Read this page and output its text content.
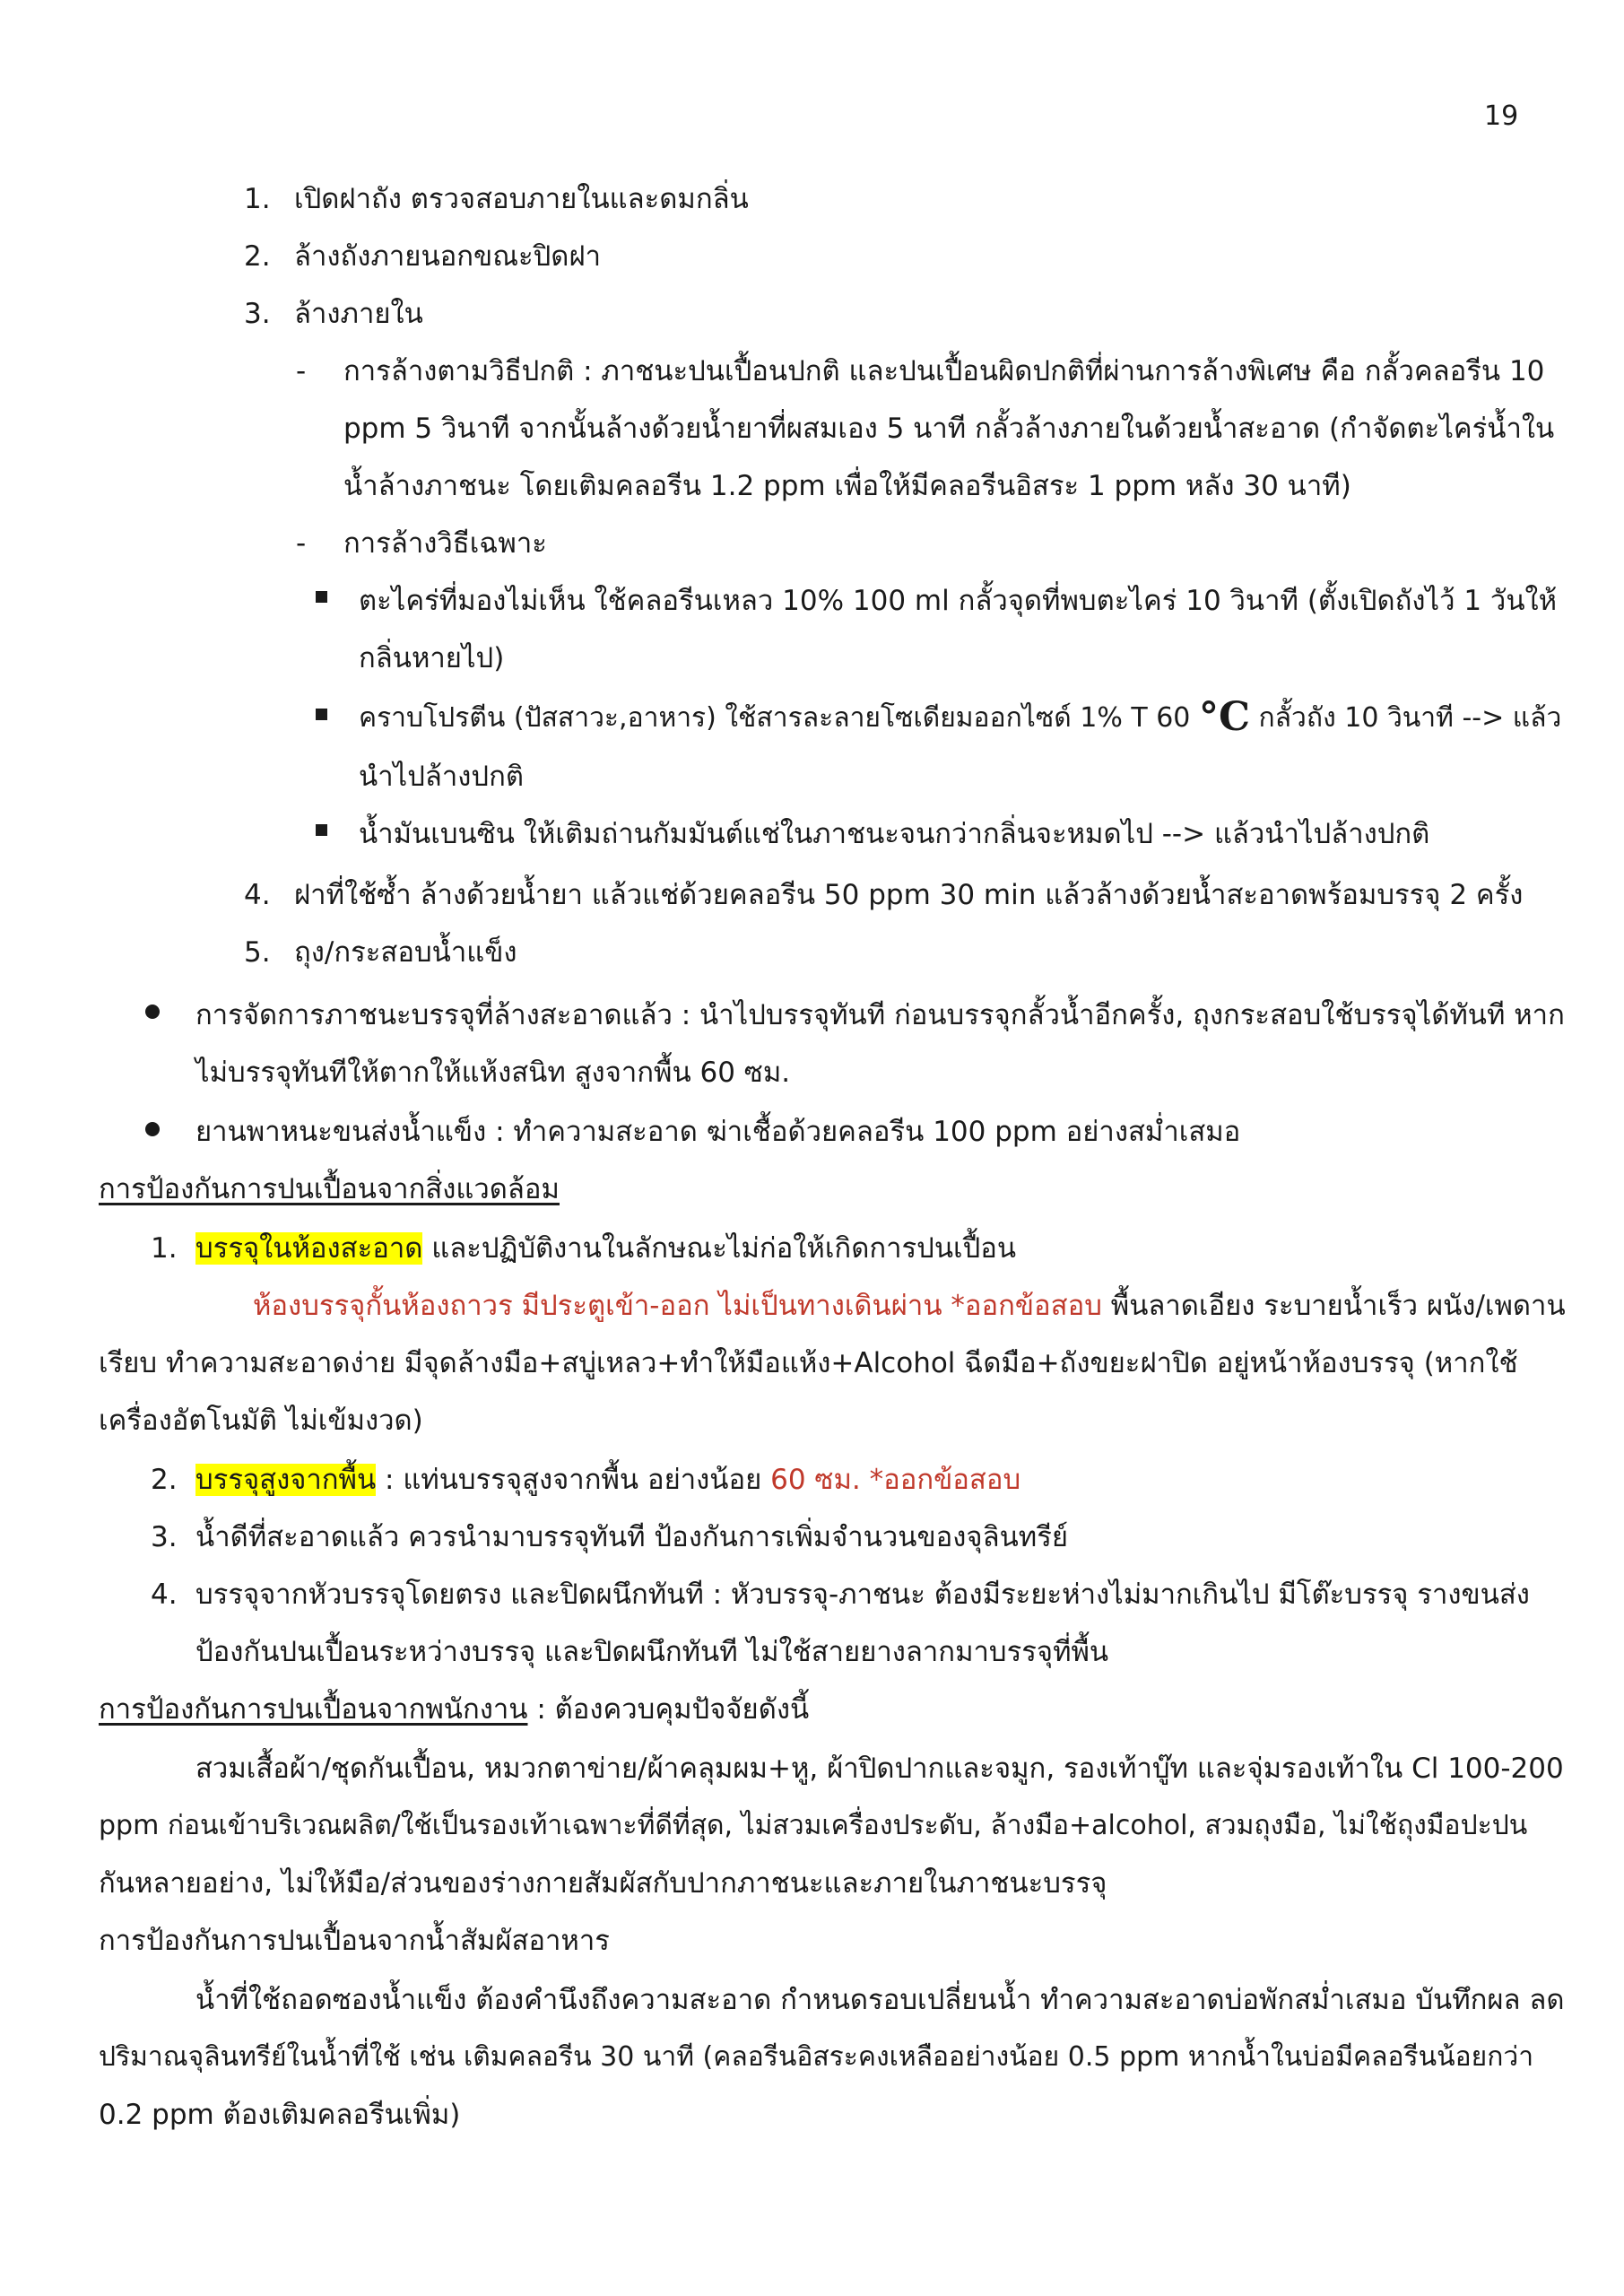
19
1. เปิดฝาถัง ตรวจสอบภายในและดมกลิ่น
2. ล้างถังภายนอกขณะปิดฝา
3. ล้างภายใน
- การล้างตามวิธีปกติ : ภาชนะปนเปื้อนปกติ และปนเปื้อนผิดปกติที่ผ่านการล้างพิเศษ คือ กลั้วคลอรีน 10
ppm 5 วินาที จากนั้นล้างด้วยน้ำยาที่ผสมเอง 5 นาที กลั้วล้างภายในด้วยน้ำสะอาด (กำจัดตะไคร่น้ำใน
น้ำล้างภาชนะ โดยเติมคลอรีน 1.2 ppm เพื่อให้มีคลอรีนอิสระ 1 ppm หลัง 30 นาที)
- การล้างวิธีเฉพาะ
ตะไคร่ที่มองไม่เห็น ใช้คลอรีนเหลว 10% 100 ml กลั้วจุดที่พบตะไคร่ 10 วินาที (ตั้งเปิดถังไว้ 1 วันให้
กลิ่นหายไป)
คราบโปรตีน (ปัสสาวะ,อาหาร) ใช้สารละลายโซเดียมออกไซด์ 1% T 60 °C กลั้วถัง 10 วินาที --> แล้ว
นำไปล้างปกติ
น้ำมันเบนซิน ให้เติมถ่านกัมมันต์แช่ในภาชนะจนกว่ากลิ่นจะหมดไป --> แล้วนำไปล้างปกติ
4. ฝาที่ใช้ซ้ำ ล้างด้วยน้ำยา แล้วแช่ด้วยคลอรีน 50 ppm 30 min แล้วล้างด้วยน้ำสะอาดพร้อมบรรจุ 2 ครั้ง
5. ถุง/กระสอบน้ำแข็ง
การจัดการภาชนะบรรจุที่ล้างสะอาดแล้ว : นำไปบรรจุทันที ก่อนบรรจุกลั้วน้ำอีกครั้ง, ถุงกระสอบใช้บรรจุได้ทันที หาก
ไม่บรรจุทันทีให้ตากให้แห้งสนิท สูงจากพื้น 60 ซม.
ยานพาหนะขนส่งน้ำแข็ง : ทำความสะอาด ฆ่าเชื้อด้วยคลอรีน 100 ppm อย่างสม่ำเสมอ
การป้องกันการปนเปื้อนจากสิ่งแวดล้อม
1. บรรจุในห้องสะอาด และปฏิบัติงานในลักษณะไม่ก่อให้เกิดการปนเปื้อน
ห้องบรรจุกั้นห้องถาวร มีประตูเข้า-ออก ไม่เป็นทางเดินผ่าน *ออกข้อสอบ พื้นลาดเอียง ระบายน้ำเร็ว ผนัง/เพดาน
เรียบ ทำความสะอาดง่าย มีจุดล้างมือ+สบู่เหลว+ทำให้มือแห้ง+Alcohol ฉีดมือ+ถังขยะฝาปิด อยู่หน้าห้องบรรจุ (หากใช้
เครื่องอัตโนมัติ ไม่เข้มงวด)
2. บรรจุสูงจากพื้น : แท่นบรรจุสูงจากพื้น อย่างน้อย 60 ซม. *ออกข้อสอบ
3. น้ำดีที่สะอาดแล้ว ควรนำมาบรรจุทันที ป้องกันการเพิ่มจำนวนของจุลินทรีย์
4. บรรจุจากหัวบรรจุโดยตรง และปิดผนึกทันที : หัวบรรจุ-ภาชนะ ต้องมีระยะห่างไม่มากเกินไป มีโต๊ะบรรจุ รางขนส่ง
ป้องกันปนเปื้อนระหว่างบรรจุ และปิดผนึกทันที ไม่ใช้สายยางลากมาบรรจุที่พื้น
การป้องกันการปนเปื้อนจากพนักงาน : ต้องควบคุมปัจจัยดังนี้
สวมเสื้อผ้า/ชุดกันเปื้อน, หมวกตาข่าย/ผ้าคลุมผม+หู, ผ้าปิดปากและจมูก, รองเท้าบู๊ท และจุ่มรองเท้าใน Cl 100-200
ppm ก่อนเข้าบริเวณผลิต/ใช้เป็นรองเท้าเฉพาะที่ดีที่สุด, ไม่สวมเครื่องประดับ, ล้างมือ+alcohol, สวมถุงมือ, ไม่ใช้ถุงมือปะปน
กันหลายอย่าง, ไม่ให้มือ/ส่วนของร่างกายสัมผัสกับปากภาชนะและภายในภาชนะบรรจุ
การป้องกันการปนเปื้อนจากน้ำสัมผัสอาหาร
น้ำที่ใช้ถอดซองน้ำแข็ง ต้องคำนึงถึงความสะอาด กำหนดรอบเปลี่ยนน้ำ ทำความสะอาดบ่อพักสม่ำเสมอ บันทึกผล ลด
ปริมาณจุลินทรีย์ในน้ำที่ใช้ เช่น เติมคลอรีน 30 นาที (คลอรีนอิสระคงเหลืออย่างน้อย 0.5 ppm หากน้ำในบ่อมีคลอรีนน้อยกว่า
0.2 ppm ต้องเติมคลอรีนเพิ่ม)
